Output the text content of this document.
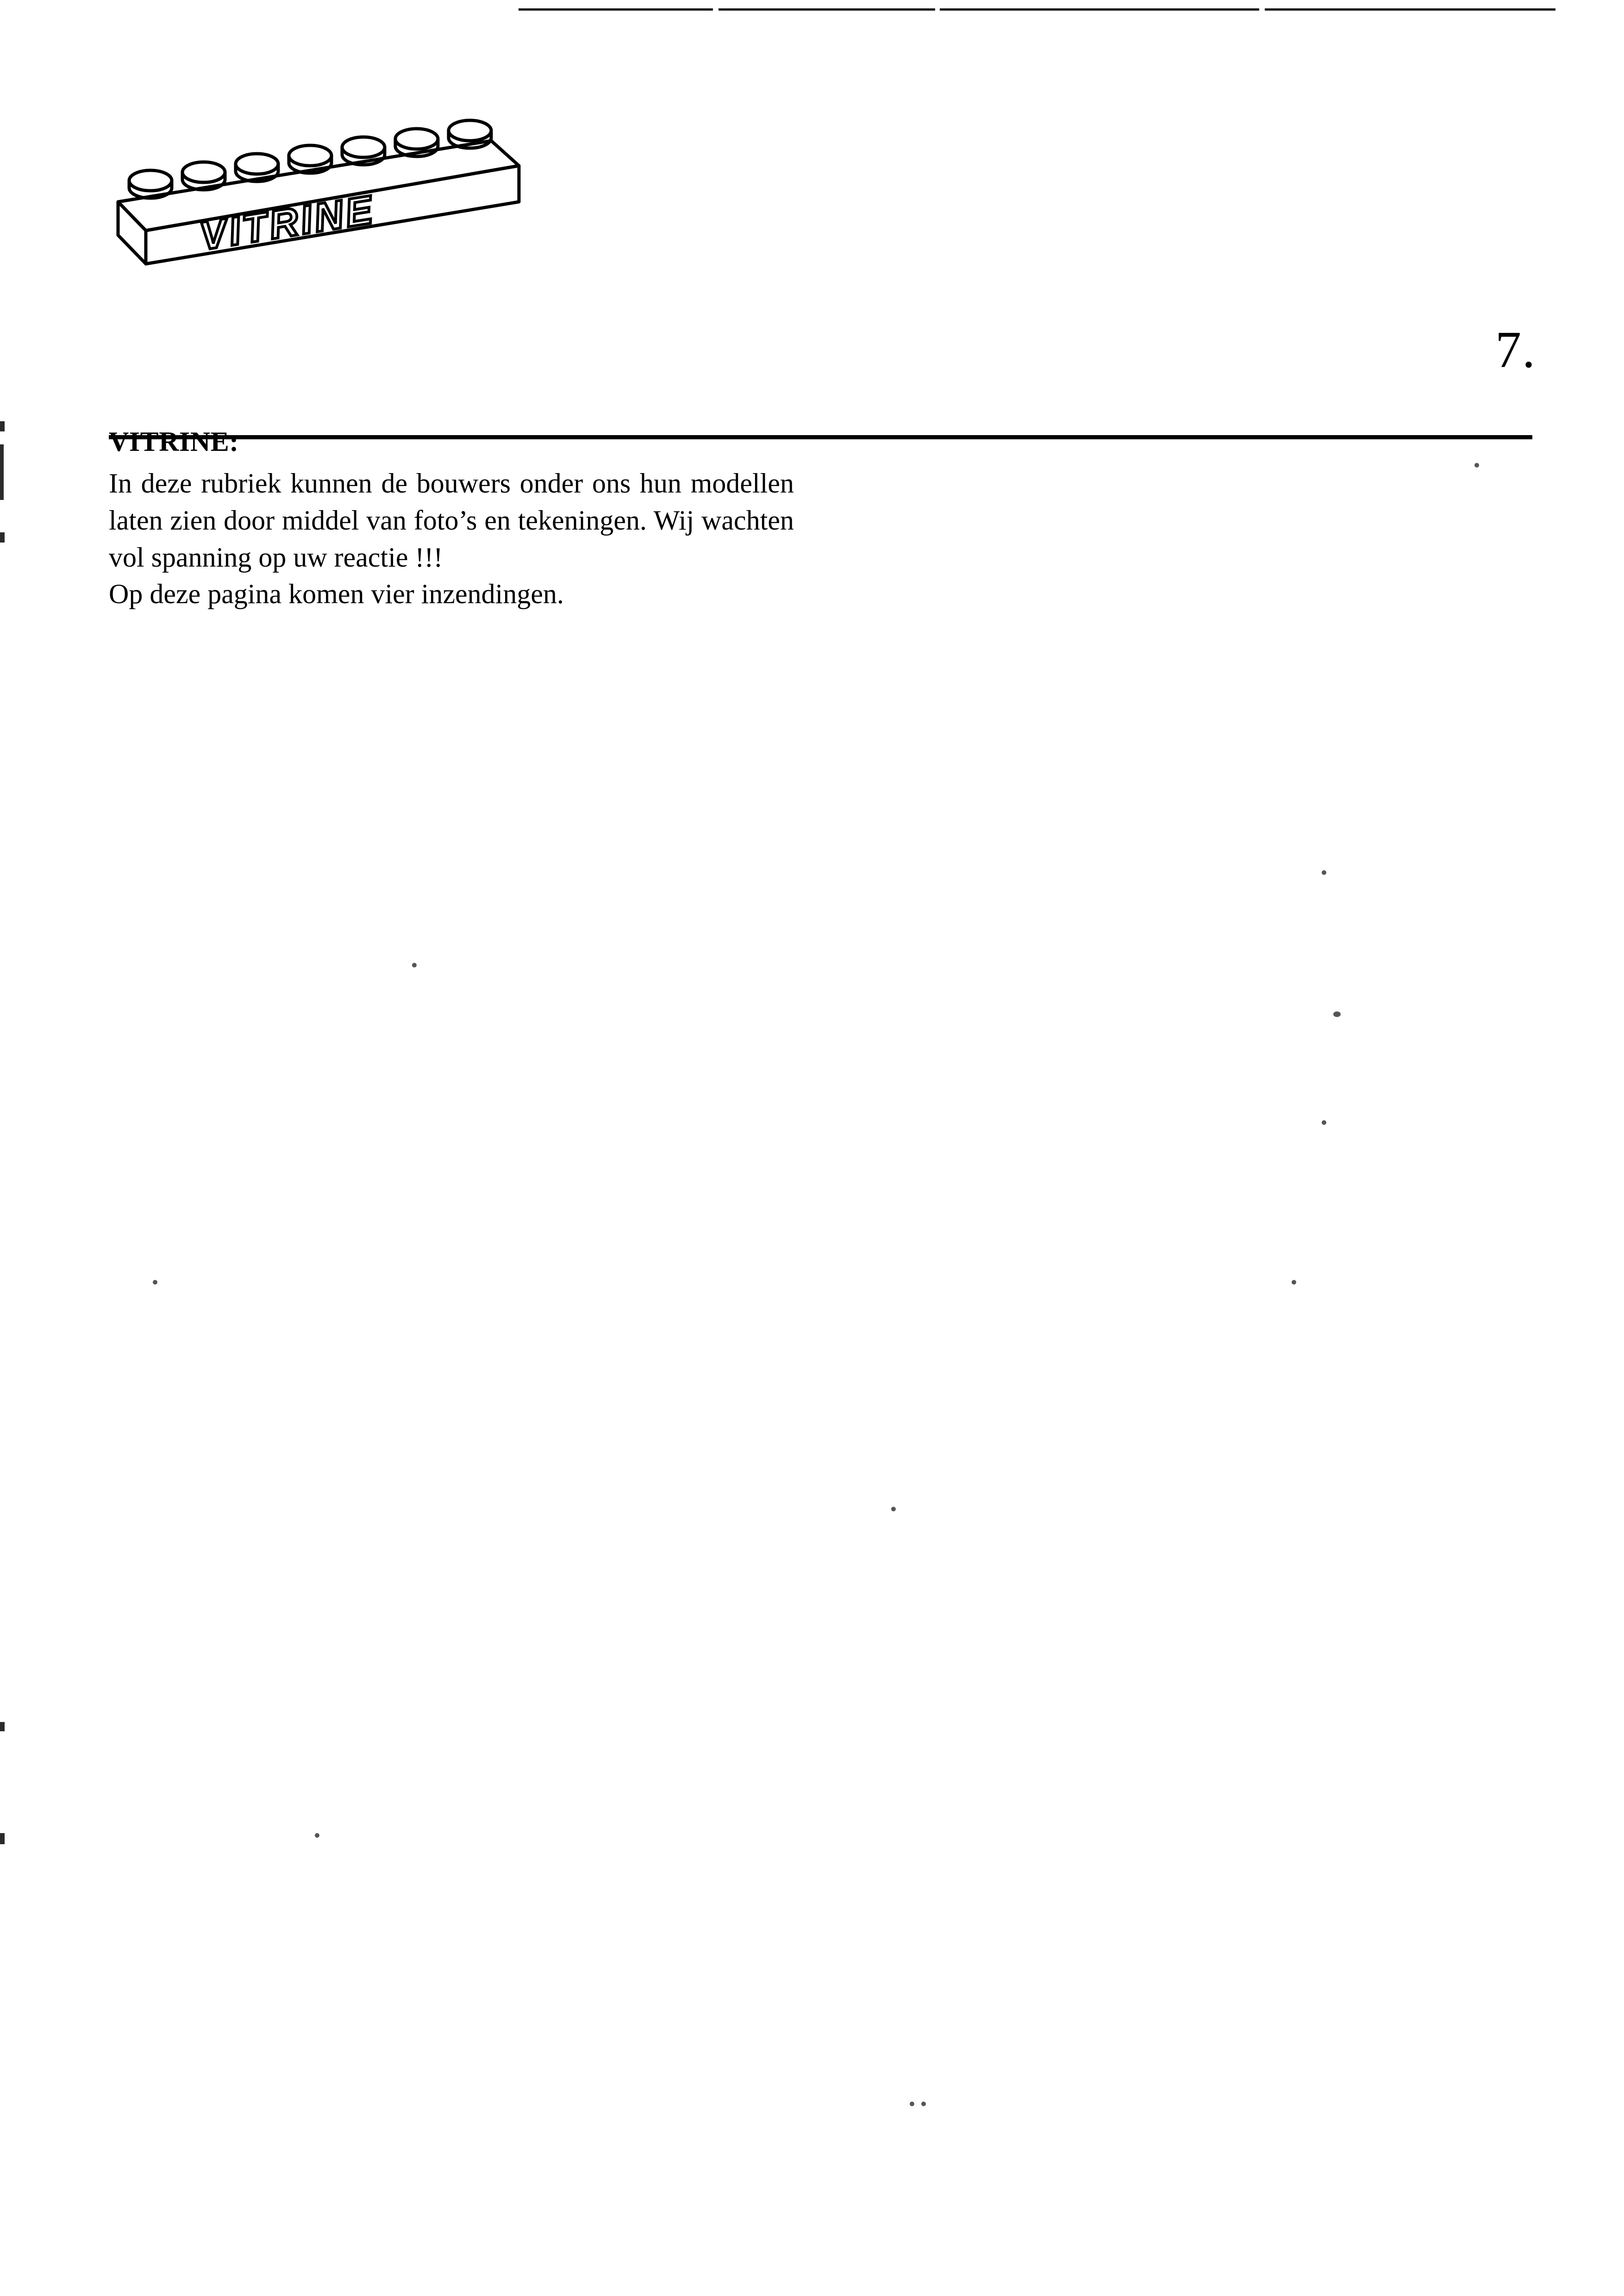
VITRINE
7.
VITRINE:

In deze rubriek kunnen de bouwers onder ons hun modellen laten zien door middel van foto’s en tekeningen. Wij wachten vol spanning op uw reactie !!!

Op deze pagina komen vier inzendingen.
